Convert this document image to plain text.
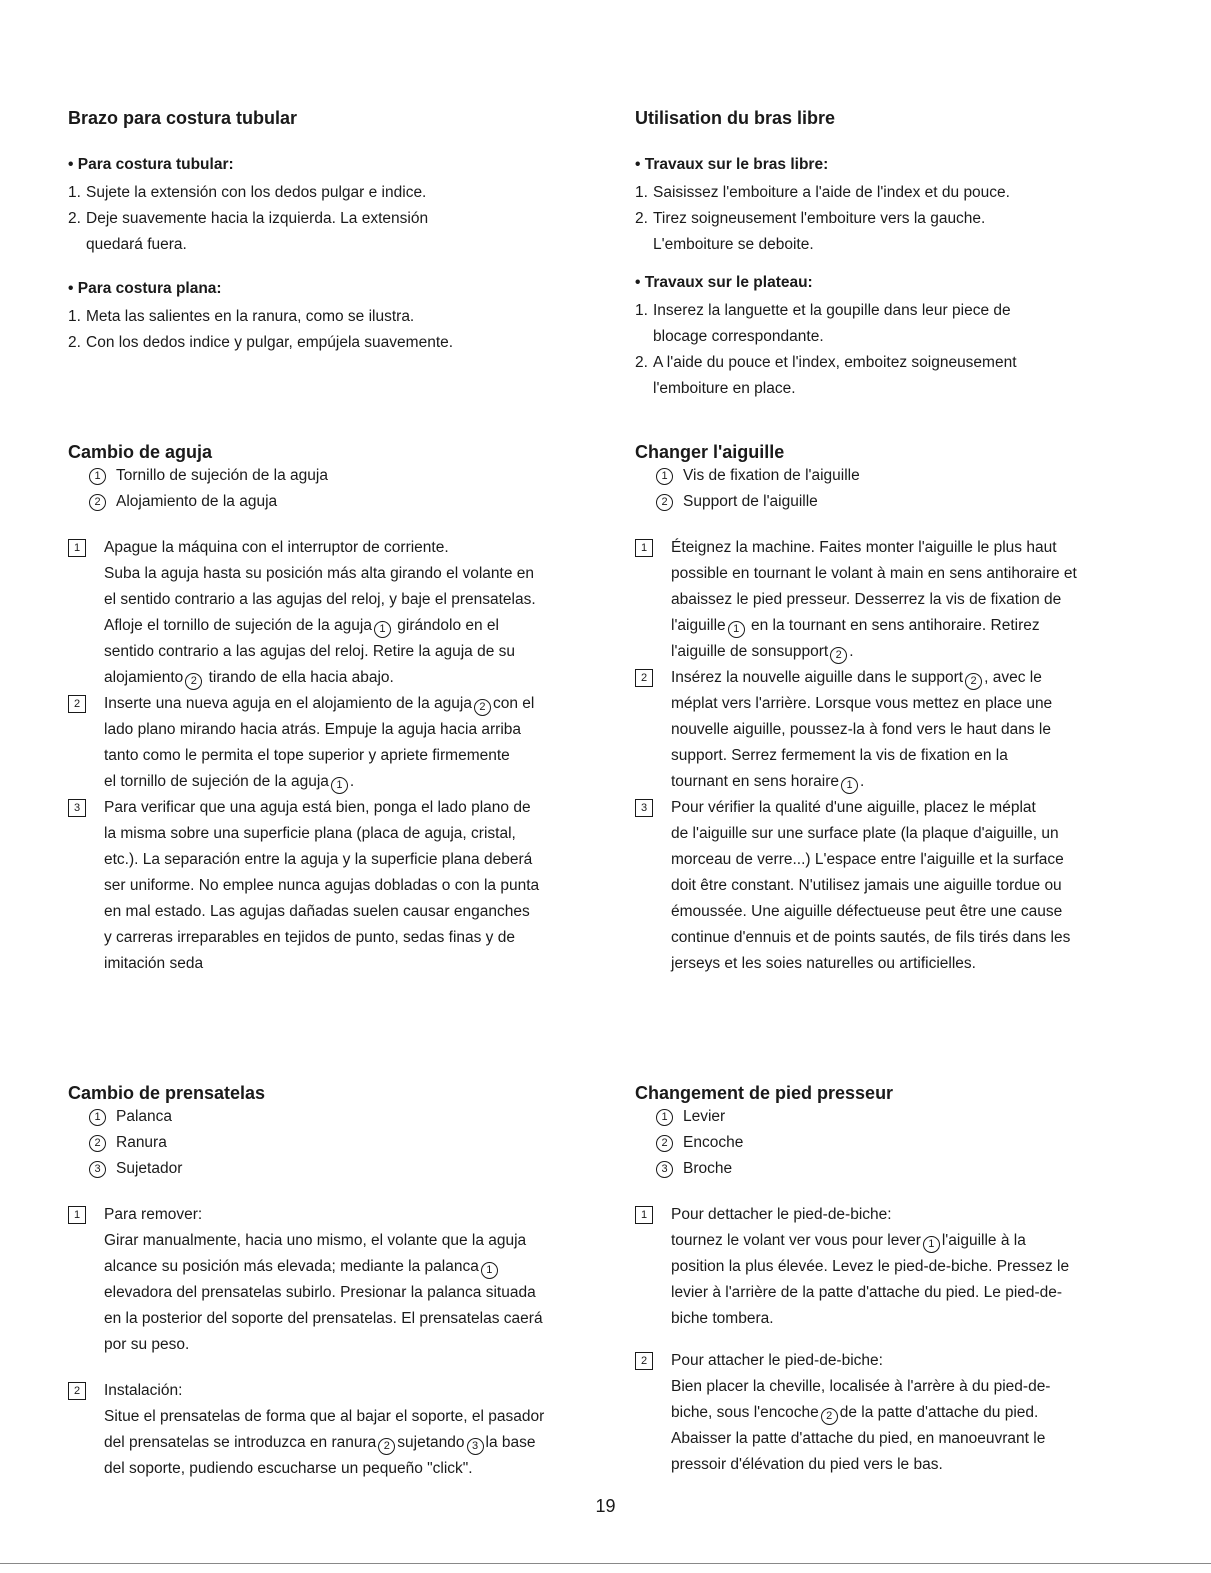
Brazo para costura tubular
• Para costura tubular:
1. Sujete la extensión con los dedos pulgar e indice.
2. Deje suavemente hacia la izquierda. La extensión
quedará fuera.
• Para costura plana:
1. Meta las salientes en la ranura, como se ilustra.
2. Con los dedos indice y pulgar, empújela suavemente.
Cambio de aguja
1 Tornillo de sujeción de la aguja
2 Alojamiento de la aguja
1	Apague la máquina con el interruptor de corriente.
Suba la aguja hasta su posición más alta girando el volante en
el sentido contrario a las agujas del reloj, y baje el prensatelas.
Afloje el tornillo de sujeción de la aguja 1 girándolo en el
sentido contrario a las agujas del reloj. Retire la aguja de su
alojamiento 2 tirando de ella hacia abajo.
2	Inserte una nueva aguja en el alojamiento de la aguja 2 con el
lado plano mirando hacia atrás. Empuje la aguja hacia arriba
tanto como le permita el tope superior y apriete firmemente
el tornillo de sujeción de la aguja 1 .
3	Para verificar que una aguja está bien, ponga el lado plano de
la misma sobre una superficie plana (placa de aguja, cristal,
etc.). La separación entre la aguja y la superficie plana deberá
ser uniforme. No emplee nunca agujas dobladas o con la punta
en mal estado. Las agujas dañadas suelen causar enganches
y carreras irreparables en tejidos de punto, sedas finas y de
imitación seda
Cambio de prensatelas
1 Palanca
2 Ranura
3 Sujetador
1	Para remover:
Girar manualmente, hacia uno mismo, el volante que la aguja
alcance su posición más elevada; mediante la palanca 1
elevadora del prensatelas subirlo. Presionar la palanca situada
en la posterior del soporte del prensatelas. El prensatelas caerá
por su peso.
2	Instalación:
Situe el prensatelas de forma que al bajar el soporte, el pasador
del prensatelas se introduzca en ranura 2 sujetando 3 la base
del soporte, pudiendo escucharse un pequeño "click".
Utilisation du bras libre
• Travaux sur le bras libre:
1. Saisissez l'emboiture a l'aide de l'index et du pouce.
2. Tirez soigneusement l'emboiture vers la gauche.
L'emboiture se deboite.
• Travaux sur le plateau:
1. Inserez la languette et la goupille dans leur piece de
blocage correspondante.
2. A l'aide du pouce et l'index, emboitez soigneusement
l'emboiture en place.
Changer l'aiguille
1 Vis de fixation de l'aiguille
2 Support de l'aiguille
1	Éteignez la machine. Faites monter l'aiguille le plus haut
possible en tournant le volant à main en sens antihoraire et
abaissez le pied presseur. Desserrez la vis de fixation de
l'aiguille 1 en la tournant en sens antihoraire. Retirez
l'aiguille de sonsupport 2 .
2	Insérez la nouvelle aiguille dans le support 2 , avec le
méplat vers l'arrière. Lorsque vous mettez en place une
nouvelle aiguille, poussez-la à fond vers le haut dans le
support. Serrez fermement la vis de fixation en la
tournant en sens horaire 1 .
3	Pour vérifier la qualité d'une aiguille, placez le méplat
de l'aiguille sur une surface plate (la plaque d'aiguille, un
morceau de verre...) L'espace entre l'aiguille et la surface
doit être constant. N'utilisez jamais une aiguille tordue ou
émoussée. Une aiguille défectueuse peut être une cause
continue d'ennuis et de points sautés, de fils tirés dans les
jerseys et les soies naturelles ou artificielles.
Changement de pied presseur
1 Levier
2 Encoche
3 Broche
1	Pour dettacher le pied-de-biche:
tournez le volant ver vous pour lever 1 l'aiguille à la
position la plus élevée. Levez le pied-de-biche. Pressez le
levier à l'arrière de la patte d'attache du pied. Le pied-de-
biche tombera.
2	Pour attacher le pied-de-biche:
Bien placer la cheville, localisée à l'arrère à du pied-de-
biche, sous l'encoche 2 de la patte d'attache du pied.
Abaisser la patte d'attache du pied, en manoeuvrant le
pressoir d'élévation du pied vers le bas.
19
